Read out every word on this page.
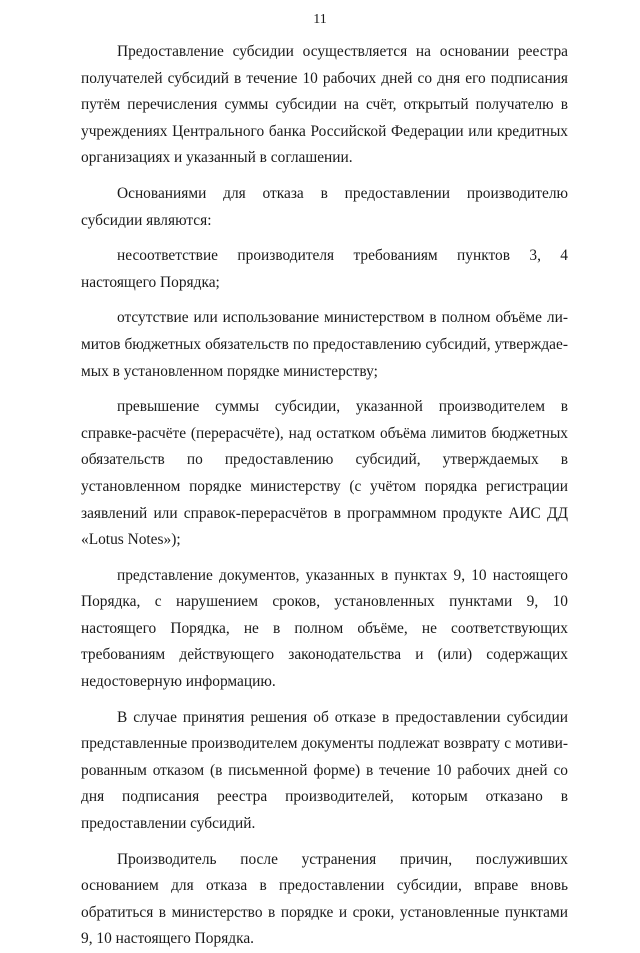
11

Предоставление субсидии осуществляется на основании реестра получателей субсидий в течение 10 рабочих дней со дня его подписания путём перечисления суммы субсидии на счёт, открытый получателю в учреждениях Центрального банка Российской Федерации или кредитных организациях и указанный в соглашении.

Основаниями для отказа в предоставлении производителю субсидии являются:

несоответствие производителя требованиям пунктов 3, 4 настоящего Порядка;

отсутствие или использование министерством в полном объёме лимитов бюджетных обязательств по предоставлению субсидий, утверждаемых в установленном порядке министерству;

превышение суммы субсидии, указанной производителем в справке-расчёте (перерасчёте), над остатком объёма лимитов бюджетных обязательств по предоставлению субсидий, утверждаемых в установленном порядке министерству (с учётом порядка регистрации заявлений или справок-перерасчётов в программном продукте АИС ДД «Lotus Notes»);

представление документов, указанных в пунктах 9, 10 настоящего Порядка, с нарушением сроков, установленных пунктами 9, 10 настоящего Порядка, не в полном объёме, не соответствующих требованиям действующего законодательства и (или) содержащих недостоверную информацию.

В случае принятия решения об отказе в предоставлении субсидии представленные производителем документы подлежат возврату с мотивированным отказом (в письменной форме) в течение 10 рабочих дней со дня подписания реестра производителей, которым отказано в предоставлении субсидий.

Производитель после устранения причин, послуживших основанием для отказа в предоставлении субсидии, вправе вновь обратиться в министерство в порядке и сроки, установленные пунктами 9, 10 настоящего Порядка.
